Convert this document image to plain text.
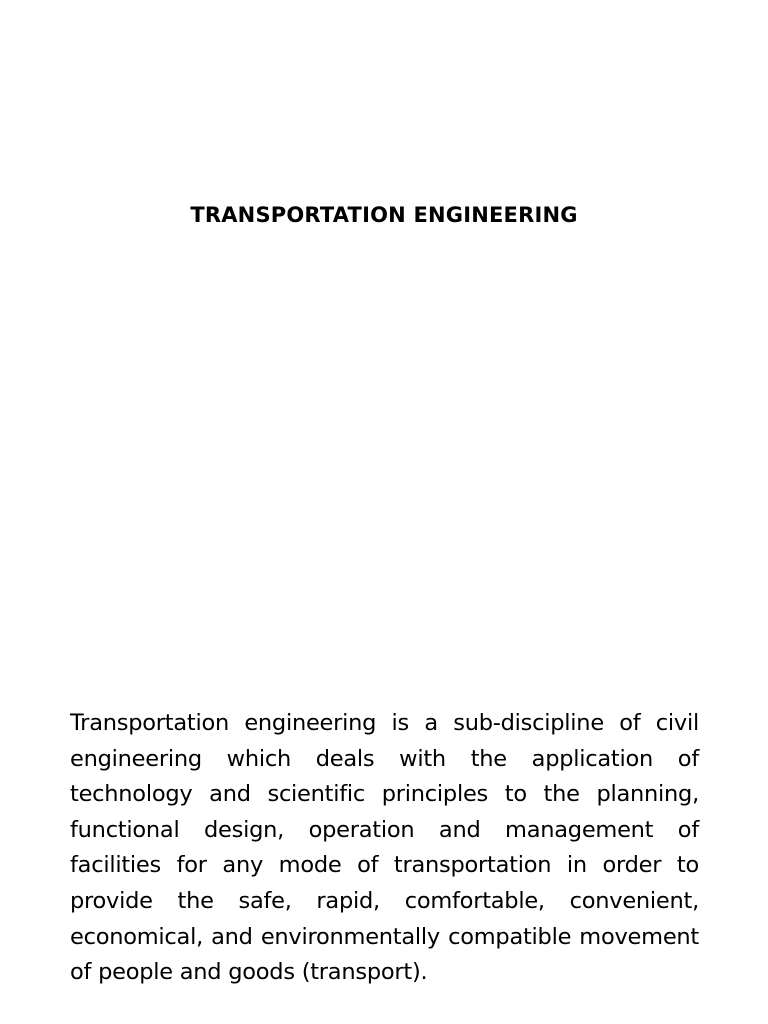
TRANSPORTATION ENGINEERING

Transportation engineering is a sub-discipline of civil engineering which deals with the application of technology and scientific principles to the planning, functional design, operation and management of facilities for any mode of transportation in order to provide the safe, rapid, comfortable, convenient, economical, and environmentally compatible movement of people and goods (transport).
